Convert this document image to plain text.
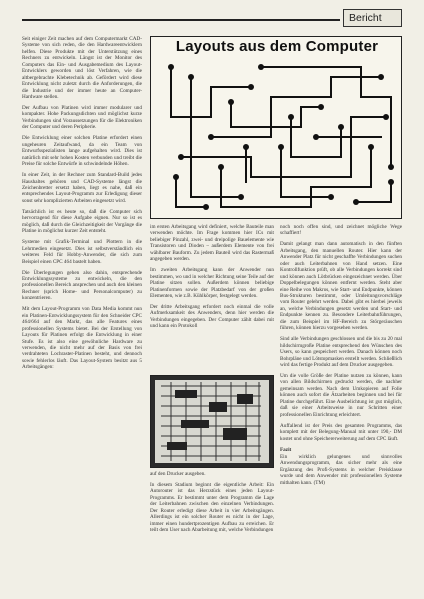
Bericht
Layouts aus dem Computer

Seit einiger Zeit machen auf dem Computermarkt CAD-Systeme von sich reden, die den Hardwareentwicklern helfen. Diese Produkte mit der Unterstützung eines Rechners zu entwickeln. Längst ist der Monitor des Computers das Ein- und Ausgabemedium des Layout-Entwicklers geworden und löst Verfahren, wie die altbergebrachte Klebetechnik ab. Gefördert wird diese Entwicklung nicht zuletzt durch die Anforderungen, die die Industrie und der immer heute an Computer-Hardware stellen.

Der Aufbau von Platinen wird immer modularer und kompakter. Hohe Packungsdichten und möglichst kurze Verbindungen sind Voraussetzungen für die Elektroniken der Computer und deren Peripherie.

Die Entwicklung einer solchen Platine erfordert einen ungeheuren Zeitaufwand, da ein Team von Entwurfsspezialisten lange aufgehalten wird. Dies ist natürlich mit sehr hohen Kosten verbunden und treibt die Preise für solche Entwürfe in schwindelnde Höhen.

In einer Zeit, in der Rechner zum Standard-Build jedes Haushaltes gehören und CAD-Systeme längst die Zeichenbretter ersetzt haben, liegt es nahe, daß ein entsprechendes Layout-Programm zur Erledigung dieser sonst sehr komplizierten Arbeiten eingesetzt wird.

Tatsächlich ist es heute so, daß die Computer sich hervorragend für diese Aufgabe eignen. Nur so ist es möglich, daß durch die Gleichzeitigkeit der Vorgänge die Platine in möglichst kurzer Zeit entsteht.

Systeme mit Grafik-Terminal und Plottern in die Lehrmedien eingesetzt. Dies ist selbstverständlich ein weiteres Feld für Hobby-Anwender, die sich zum Beispiel einen CPC 464 bastelt haben.

Die Überlegungen gehen also dahin, entsprechende Entwicklungssysteme zu entwickeln, die den professionellen Bereich ansprechen und auch den kleinen Rechner (sprich Home- und Personalcomputer) zu konzentrieren.

Mit dem Layout-Programm von Data Media kommt nun ein Platinen-Entwicklungssystem für den Schneider CPC 464/664 auf den Markt, das alle Features eines professionellen Systems bietet. Bei der Erstellung von Layouts für Platinen erfolgt die Entwicklung in einer Stufe. Es ist also eine gewöhnliche Hardware zu verwenden, die nicht mehr auf der Basis von frei verdrahteten Lochraster-Platinen besteht, und dennoch sowie fehlerlos läuft. Das Layout-System besitzt aus 5 Arbeitsgängen:

im ersten Arbeitsgang wird definiert, welche Bauteile man verwenden möchte. Im Frage kommen hier ICs mit beliebiger Pinzahl, zwei- und dreipolige Bauelemente wie Transistoren und Dioden – außerdem Elemente von frei wählbarer Bauform. Zu jedem Bauteil wird das Rastermaß angegeben werden.

Im zweiten Arbeitsgang kann der Anwender nun bestimmen, wo und in welcher Richtung seine Teile auf der Platine sitzen sollen. Außerdem können beliebige Platinenformen sowie der Platzbedarf von der großen Elementen, wie z.B. Kühlkörper, festgelegt werden.

Der dritte Arbeitsgang erfordert noch einmal die volle Aufmerksamkeit des Anwenders, denn hier werden die Verbindungen eingegeben. Der Computer zählt dabei mit und kann ein Protokoll

auf den Drucker ausgeben.

In diesem Stadium beginnt die eigentliche Arbeit: Ein Autorouter ist das Herzstück eines jeden Layout-Programms. Er bestimmt unter dem Programm die Lage der Leiterbahnen zwischen den einzelnen Verbindungen. Der Router erledigt diese Arbeit in vier Arbeitsgängen. Allerdings ist ein solcher Router es nicht in der Lage, immer einen hundertprozentigen Aufbau zu erreichen. Er teilt dem User nach Abarbeitung mit, welche Verbindungen

noch noch offen sind, und zeichnet mögliche Wege schaffiert!

Damit gelangt man dann automatisch in den fünften Arbeitsgang, den manuellen Router. Hier kann der Anwender Platz für nicht geschaffte Verbindungen suchen oder auch Leiterbahnen von Hand setzen. Eine Kontrollfunktion prüft, ob alle Verbindungen korrekt sind und können auch Lötbrücken eingezeichnet werden. Über Doppelbelegungen können entfernt werden. Steht aber eine Reihe von Makros, wie Start- und Endpunkte, können Bus-Strukturen bestimmt, oder Umleitungsvorschläge vom Router gelehrt werden. Dabei gibt es hierbei jeweils an, welche Verbindungen gesetzt werden und Start- und Endpunkte kennen zu. Besondere Leiterbahnführungen, die zum Beispiel im HF-Bereich zu Störgeräuschen führen, können hierzu vorgesehen werden.

Sind alle Verbindungen geschlossen und die bis zu 20 mal hildschirmgroße Platine entsprechend den Wünschen des Users, so kann gespeichert werden. Danach können noch Bohrpläne und Lötstopmasken erstellt werden. Schließlich wird das fertige Produkt auf dem Drucker ausgegeben.

Um die volle Größe der Platine nutzen zu können, kann von allen Bildschirmen gedruckt werden, die nachher gemeinsam werden. Nach dem Umkopieren auf Folie können auch sofort die Ätzarbeiten beginnen und bei für Platine durchgeführt. Eine Ausbelichtung ist gut möglich, daß sie einer Arbeitsweise in nur Schritten einer professionellen Einrichtung erleichtert.

Auffallend ist der Preis des gesamten Programms, das komplett mit der Belegung-Manual mit unter 190,- DM kostet und ohne Speichererweiterung auf dem CPC läuft.

Fazit

Ein wirklich gelungenes und sinnvolles Anwendungsprogramm, das sicher mehr als eine Ergänzung des Profi-Systems in welcher Preisklasse wurde und dem Anwender mit professionellen Systeme mithalten kann. (TM)
